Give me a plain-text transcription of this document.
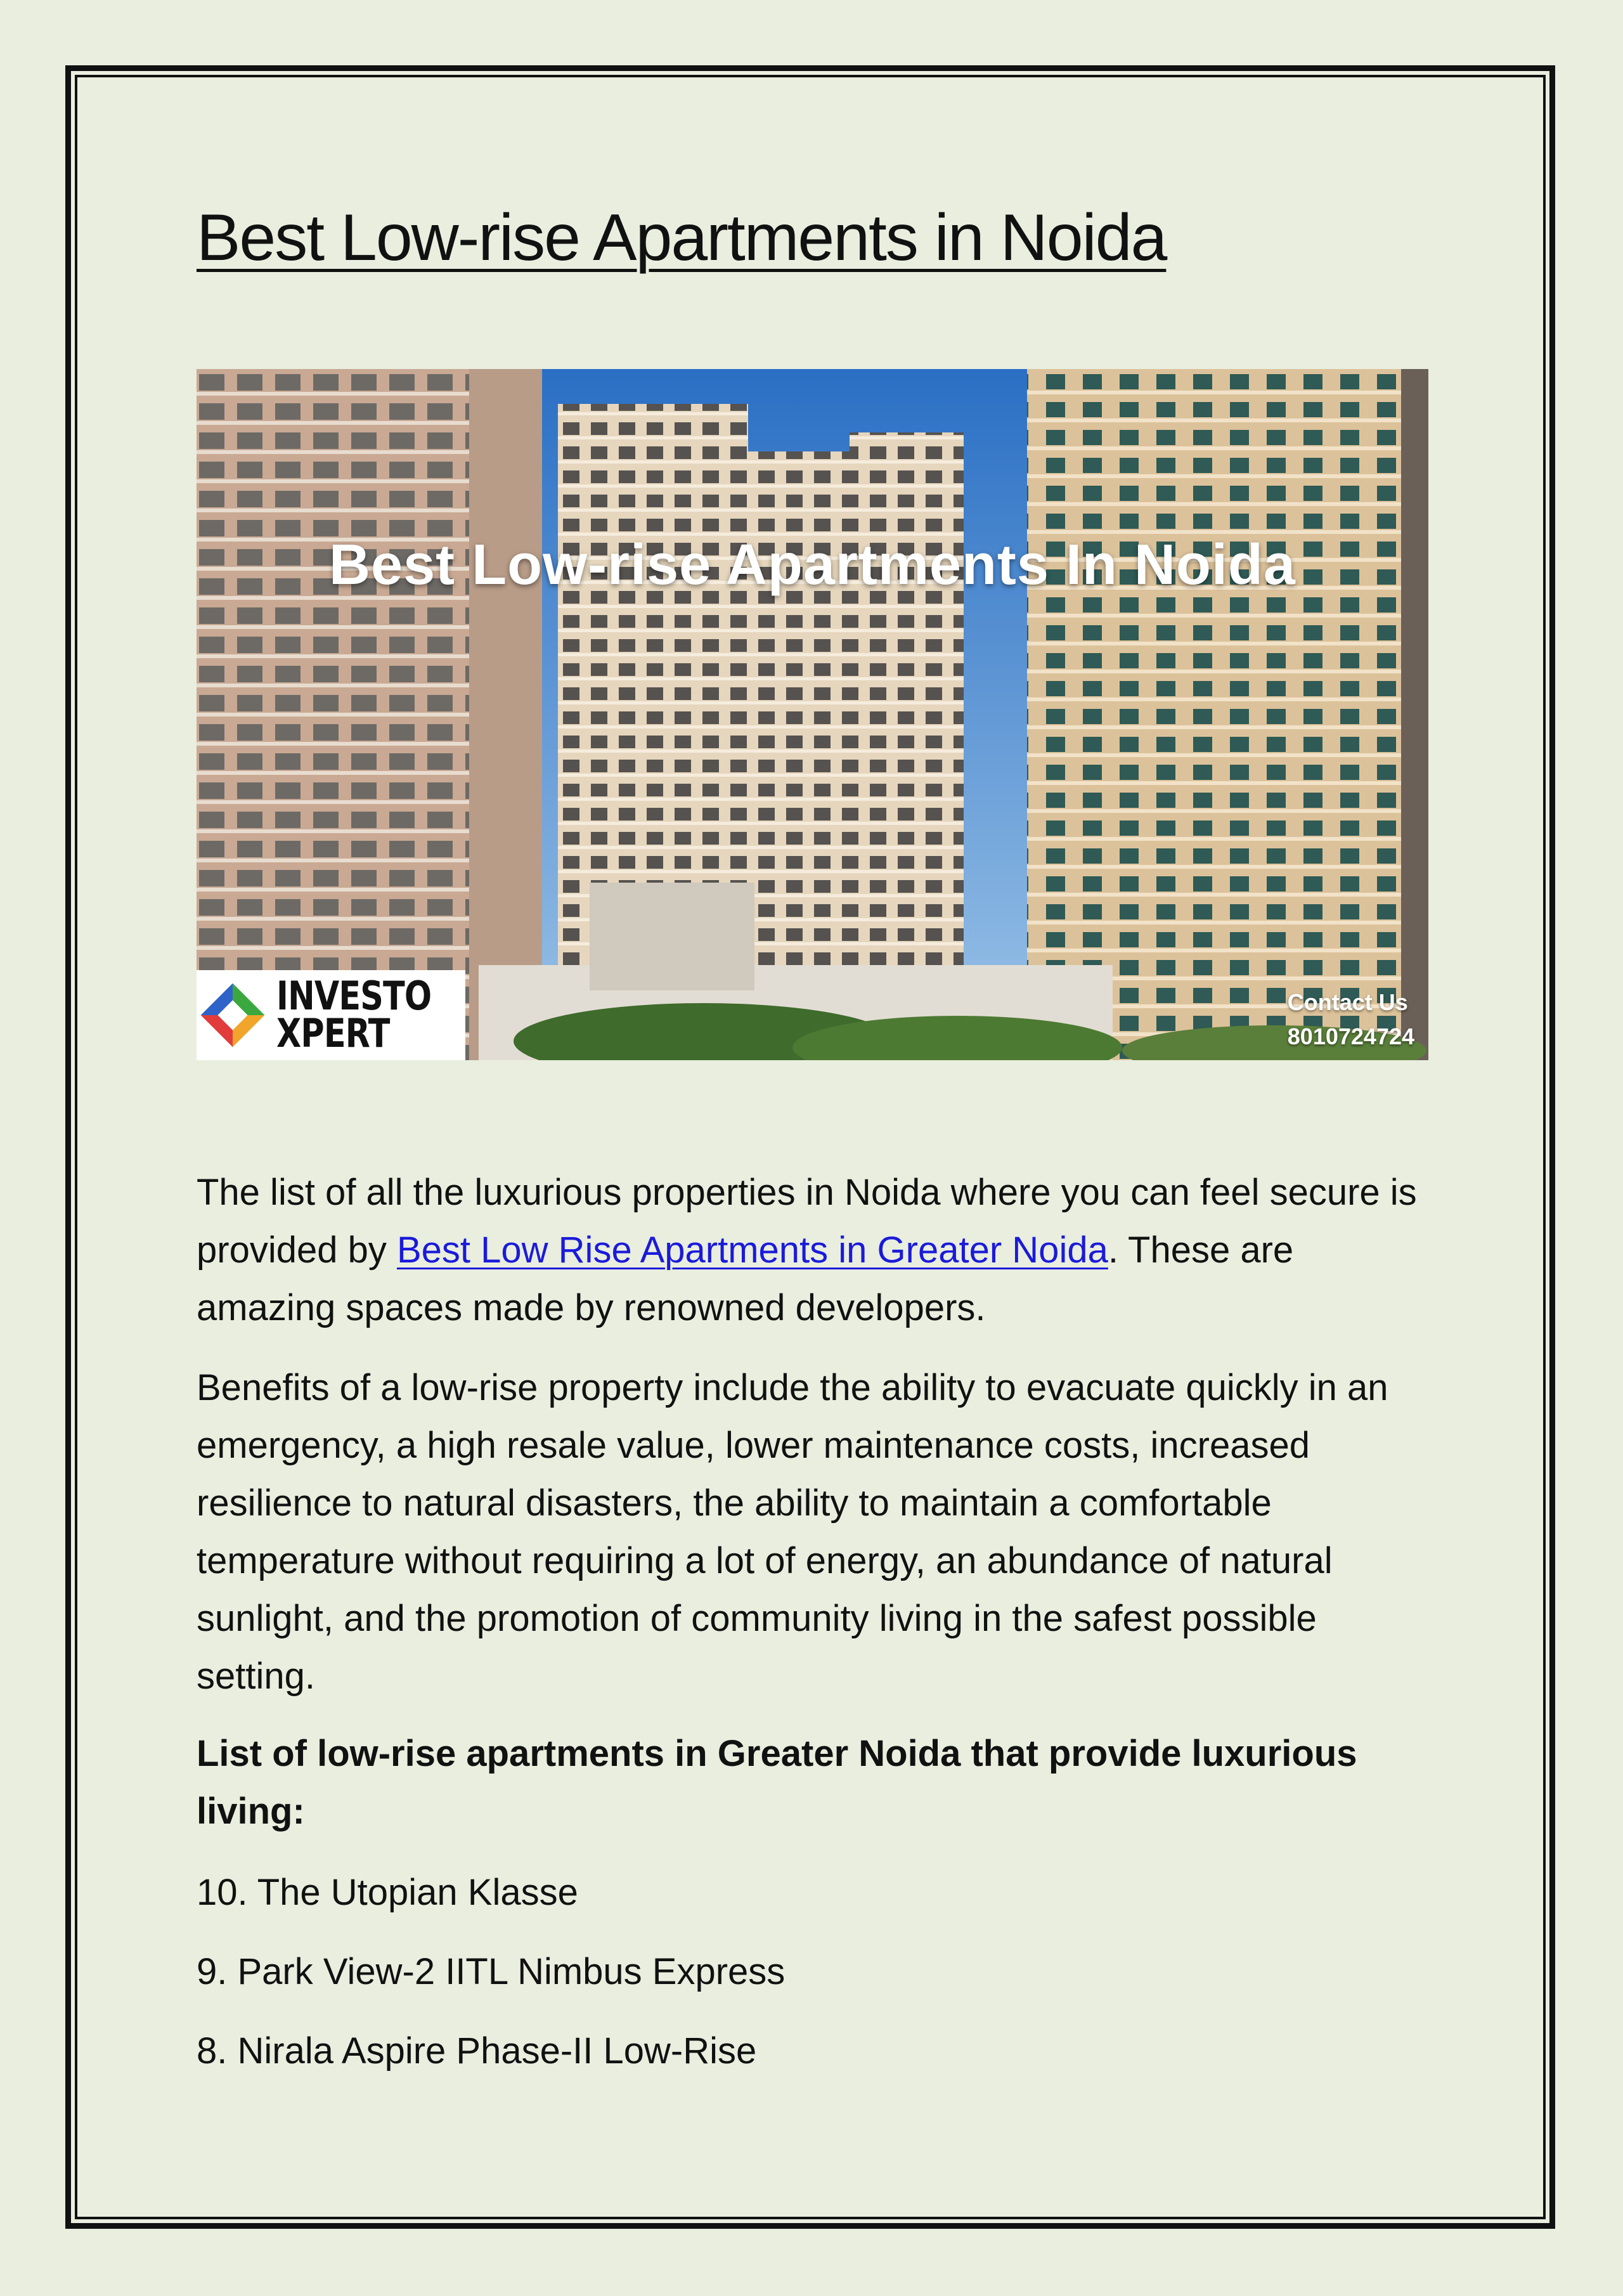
Best Low-rise Apartments in Noida
Best Low-rise Apartments In Noida
INVESTO
XPERT
Contact Us
8010724724

The list of all the luxurious properties in Noida where you can feel secure is provided by Best Low Rise Apartments in Greater Noida. These are amazing spaces made by renowned developers.

Benefits of a low-rise property include the ability to evacuate quickly in an emergency, a high resale value, lower maintenance costs, increased resilience to natural disasters, the ability to maintain a comfortable temperature without requiring a lot of energy, an abundance of natural sunlight, and the promotion of community living in the safest possible setting.

List of low-rise apartments in Greater Noida that provide luxurious living:

10. The Utopian Klasse
9. Park View-2 IITL Nimbus Express
8. Nirala Aspire Phase-II Low-Rise
